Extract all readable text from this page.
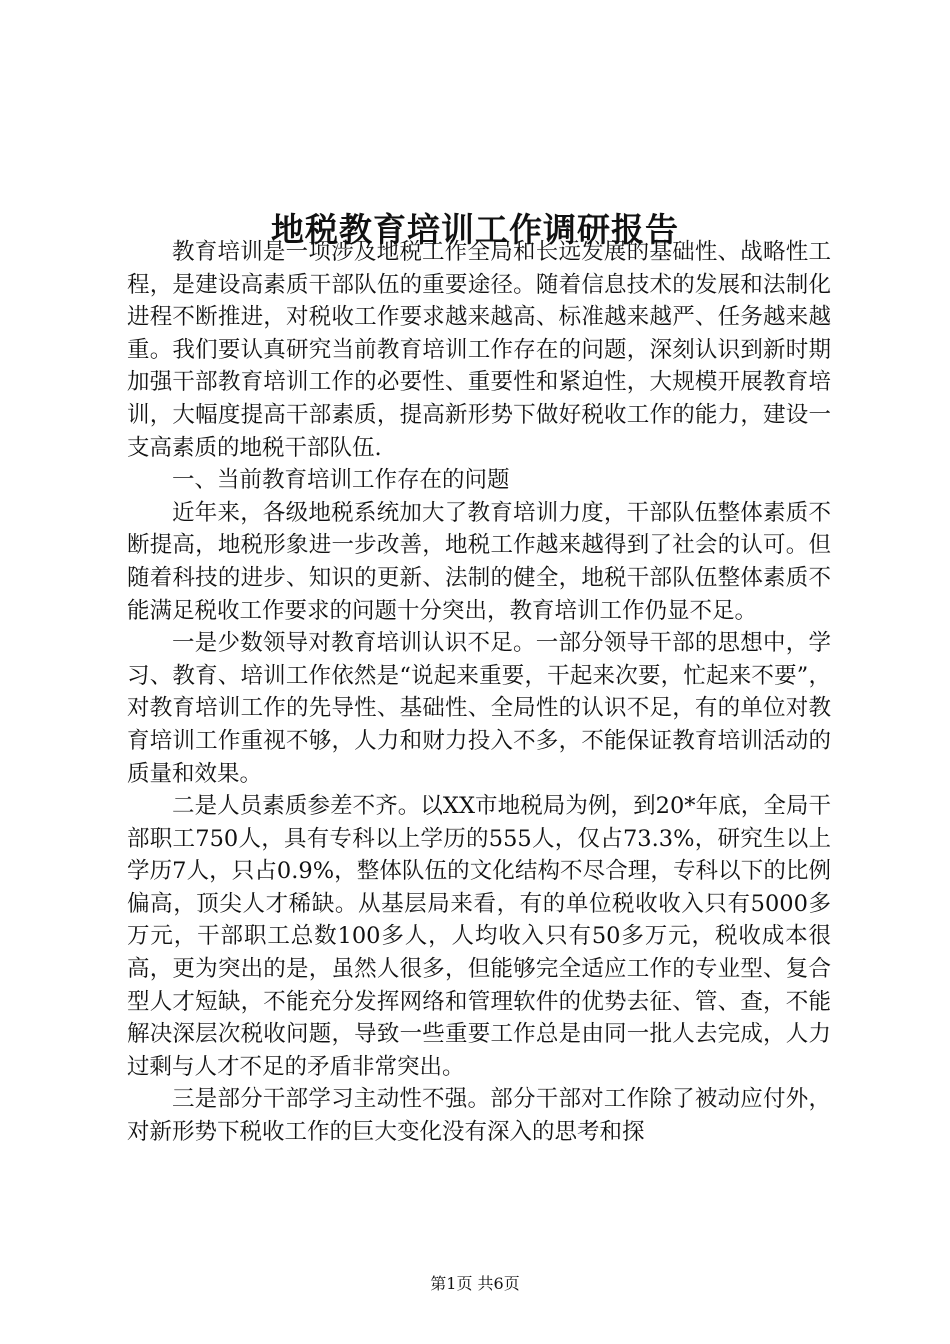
地税教育培训工作调研报告

教育培训是一项涉及地税工作全局和长远发展的基础性、战略性工程，是建设高素质干部队伍的重要途径。随着信息技术的发展和法制化进程不断推进，对税收工作要求越来越高、标准越来越严、任务越来越重。我们要认真研究当前教育培训工作存在的问题，深刻认识到新时期加强干部教育培训工作的必要性、重要性和紧迫性，大规模开展教育培训，大幅度提高干部素质，提高新形势下做好税收工作的能力，建设一支高素质的地税干部队伍.

一、当前教育培训工作存在的问题

近年来，各级地税系统加大了教育培训力度，干部队伍整体素质不断提高，地税形象进一步改善，地税工作越来越得到了社会的认可。但随着科技的进步、知识的更新、法制的健全，地税干部队伍整体素质不能满足税收工作要求的问题十分突出，教育培训工作仍显不足。

一是少数领导对教育培训认识不足。一部分领导干部的思想中，学习、教育、培训工作依然是“说起来重要，干起来次要，忙起来不要”，对教育培训工作的先导性、基础性、全局性的认识不足，有的单位对教育培训工作重视不够，人力和财力投入不多，不能保证教育培训活动的质量和效果。

二是人员素质参差不齐。以XX市地税局为例，到20*年底，全局干部职工750人，具有专科以上学历的555人，仅占73.3%，研究生以上学历7人，只占0.9%，整体队伍的文化结构不尽合理，专科以下的比例偏高，顶尖人才稀缺。从基层局来看，有的单位税收收入只有5000多万元，干部职工总数100多人，人均收入只有50多万元，税收成本很高，更为突出的是，虽然人很多，但能够完全适应工作的专业型、复合型人才短缺，不能充分发挥网络和管理软件的优势去征、管、查，不能解决深层次税收问题，导致一些重要工作总是由同一批人去完成，人力过剩与人才不足的矛盾非常突出。

三是部分干部学习主动性不强。部分干部对工作除了被动应付外，对新形势下税收工作的巨大变化没有深入的思考和探

第1页 共6页
